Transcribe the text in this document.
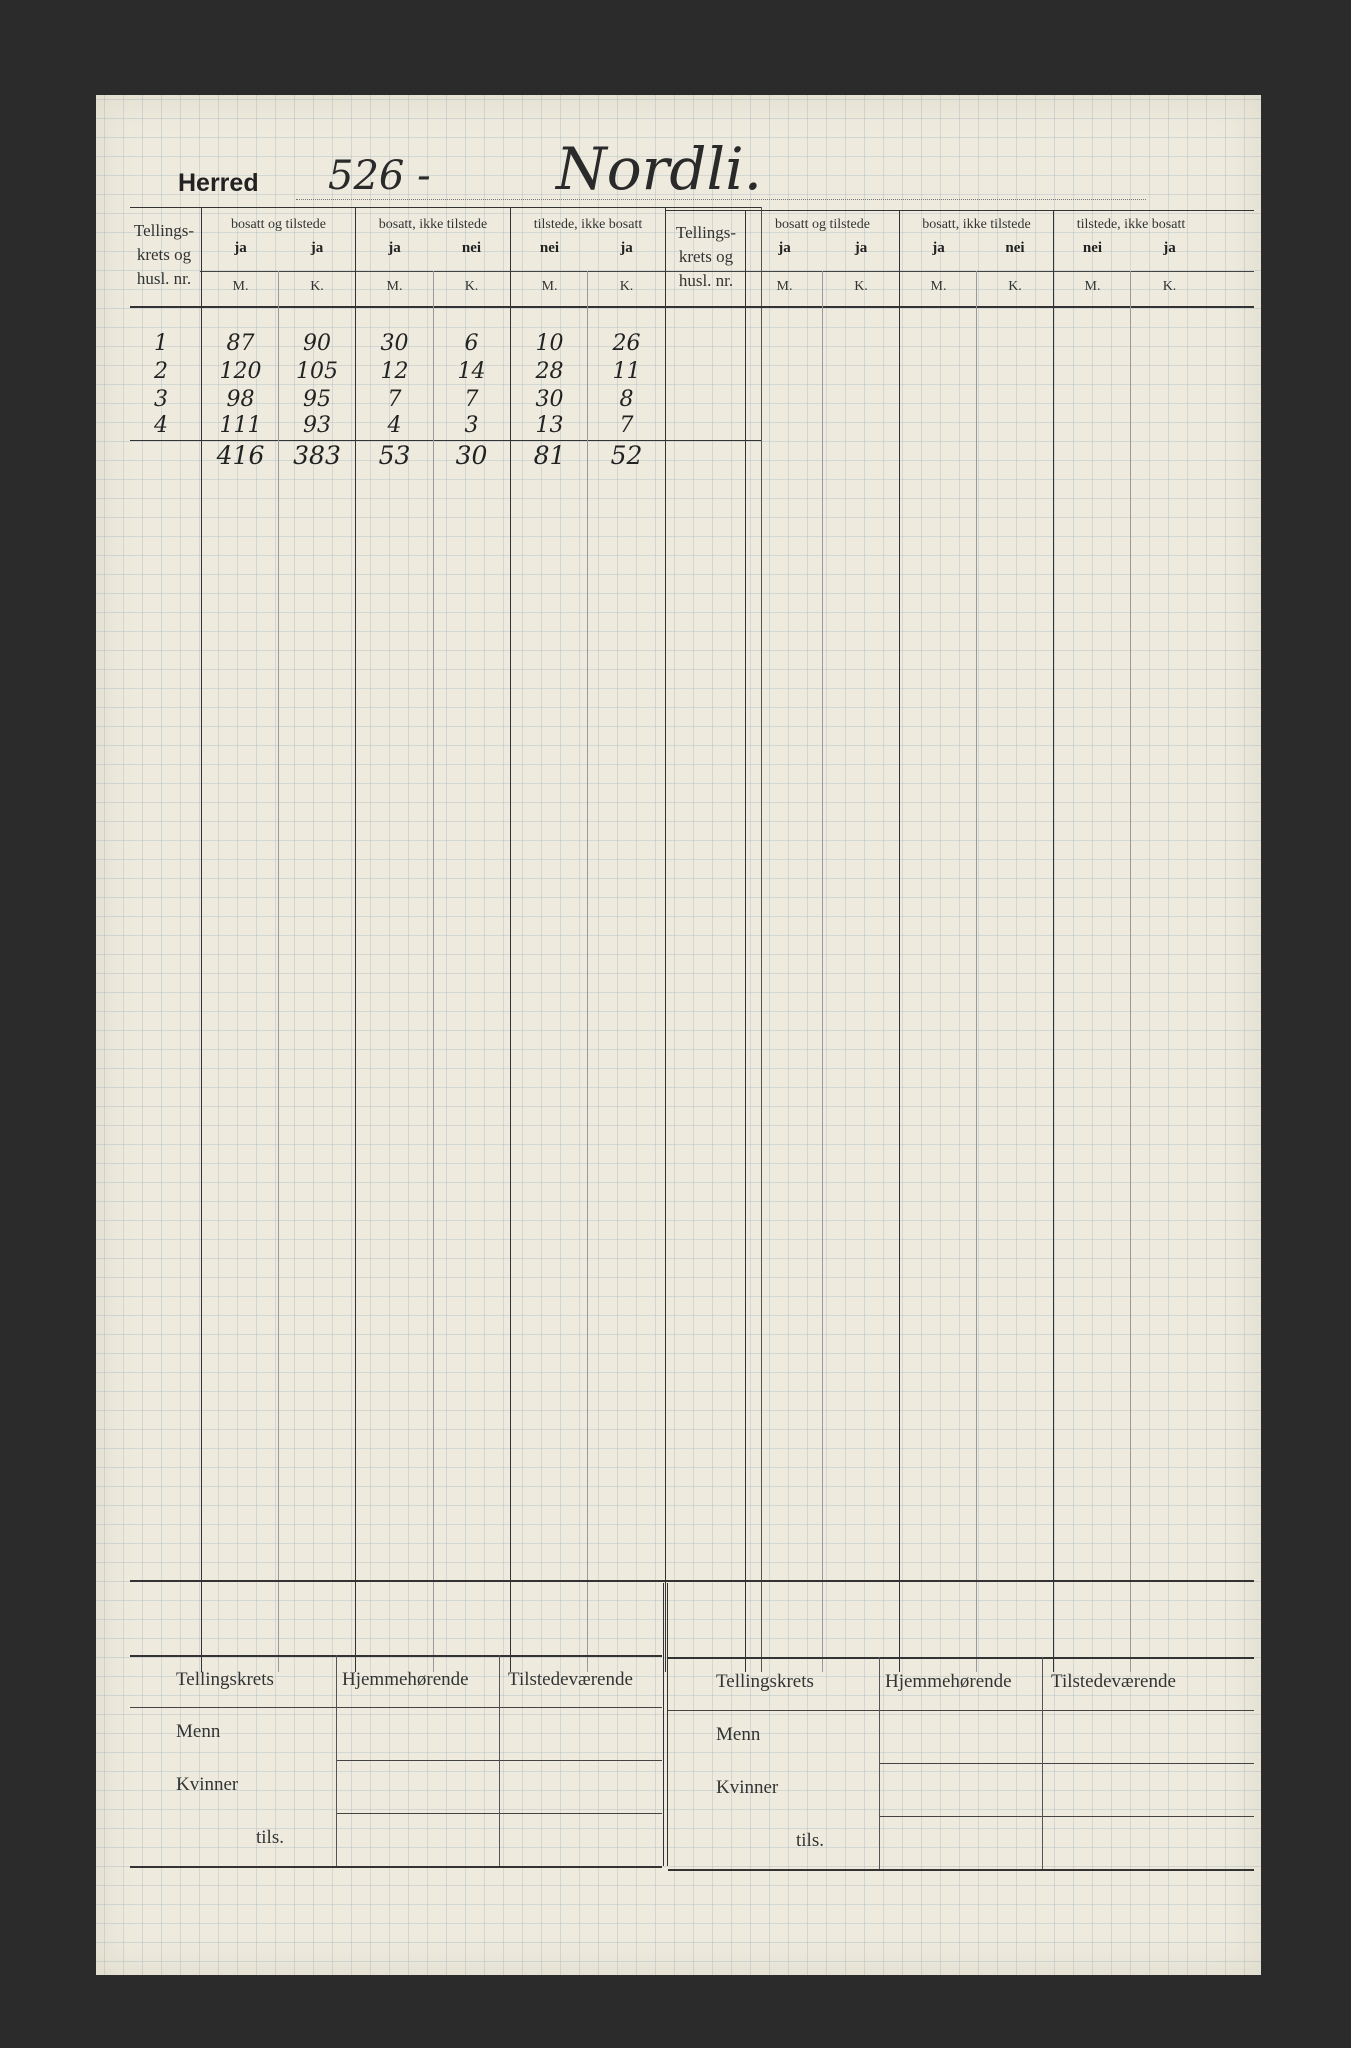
Herred 526 - Nordli.
Tellings-
krets og
husl. nr.
bosatt og tilstede
ja	ja
bosatt, ikke tilstede
ja	nei
tilstede, ikke bosatt
nei	ja
M.	K.	M.	K.	M.	K.
1	87	90	30	6	10	26
2	120	105	12	14	28	11
3	98	95	7	7	30	8
4	111	93	4	3	13	7
416	383	53	30	81	52
Tellings-
krets og
husl. nr.
bosatt og tilstede
ja	ja
bosatt, ikke tilstede
ja	nei
tilstede, ikke bosatt
nei	ja
M.	K.	M.	K.	M.	K.
Tellingskrets	Hjemmehørende Tilstedeværende
Menn
Kvinner
tils.
Tellingskrets	Hjemmehørende Tilstedeværende
Menn
Kvinner
tils.
